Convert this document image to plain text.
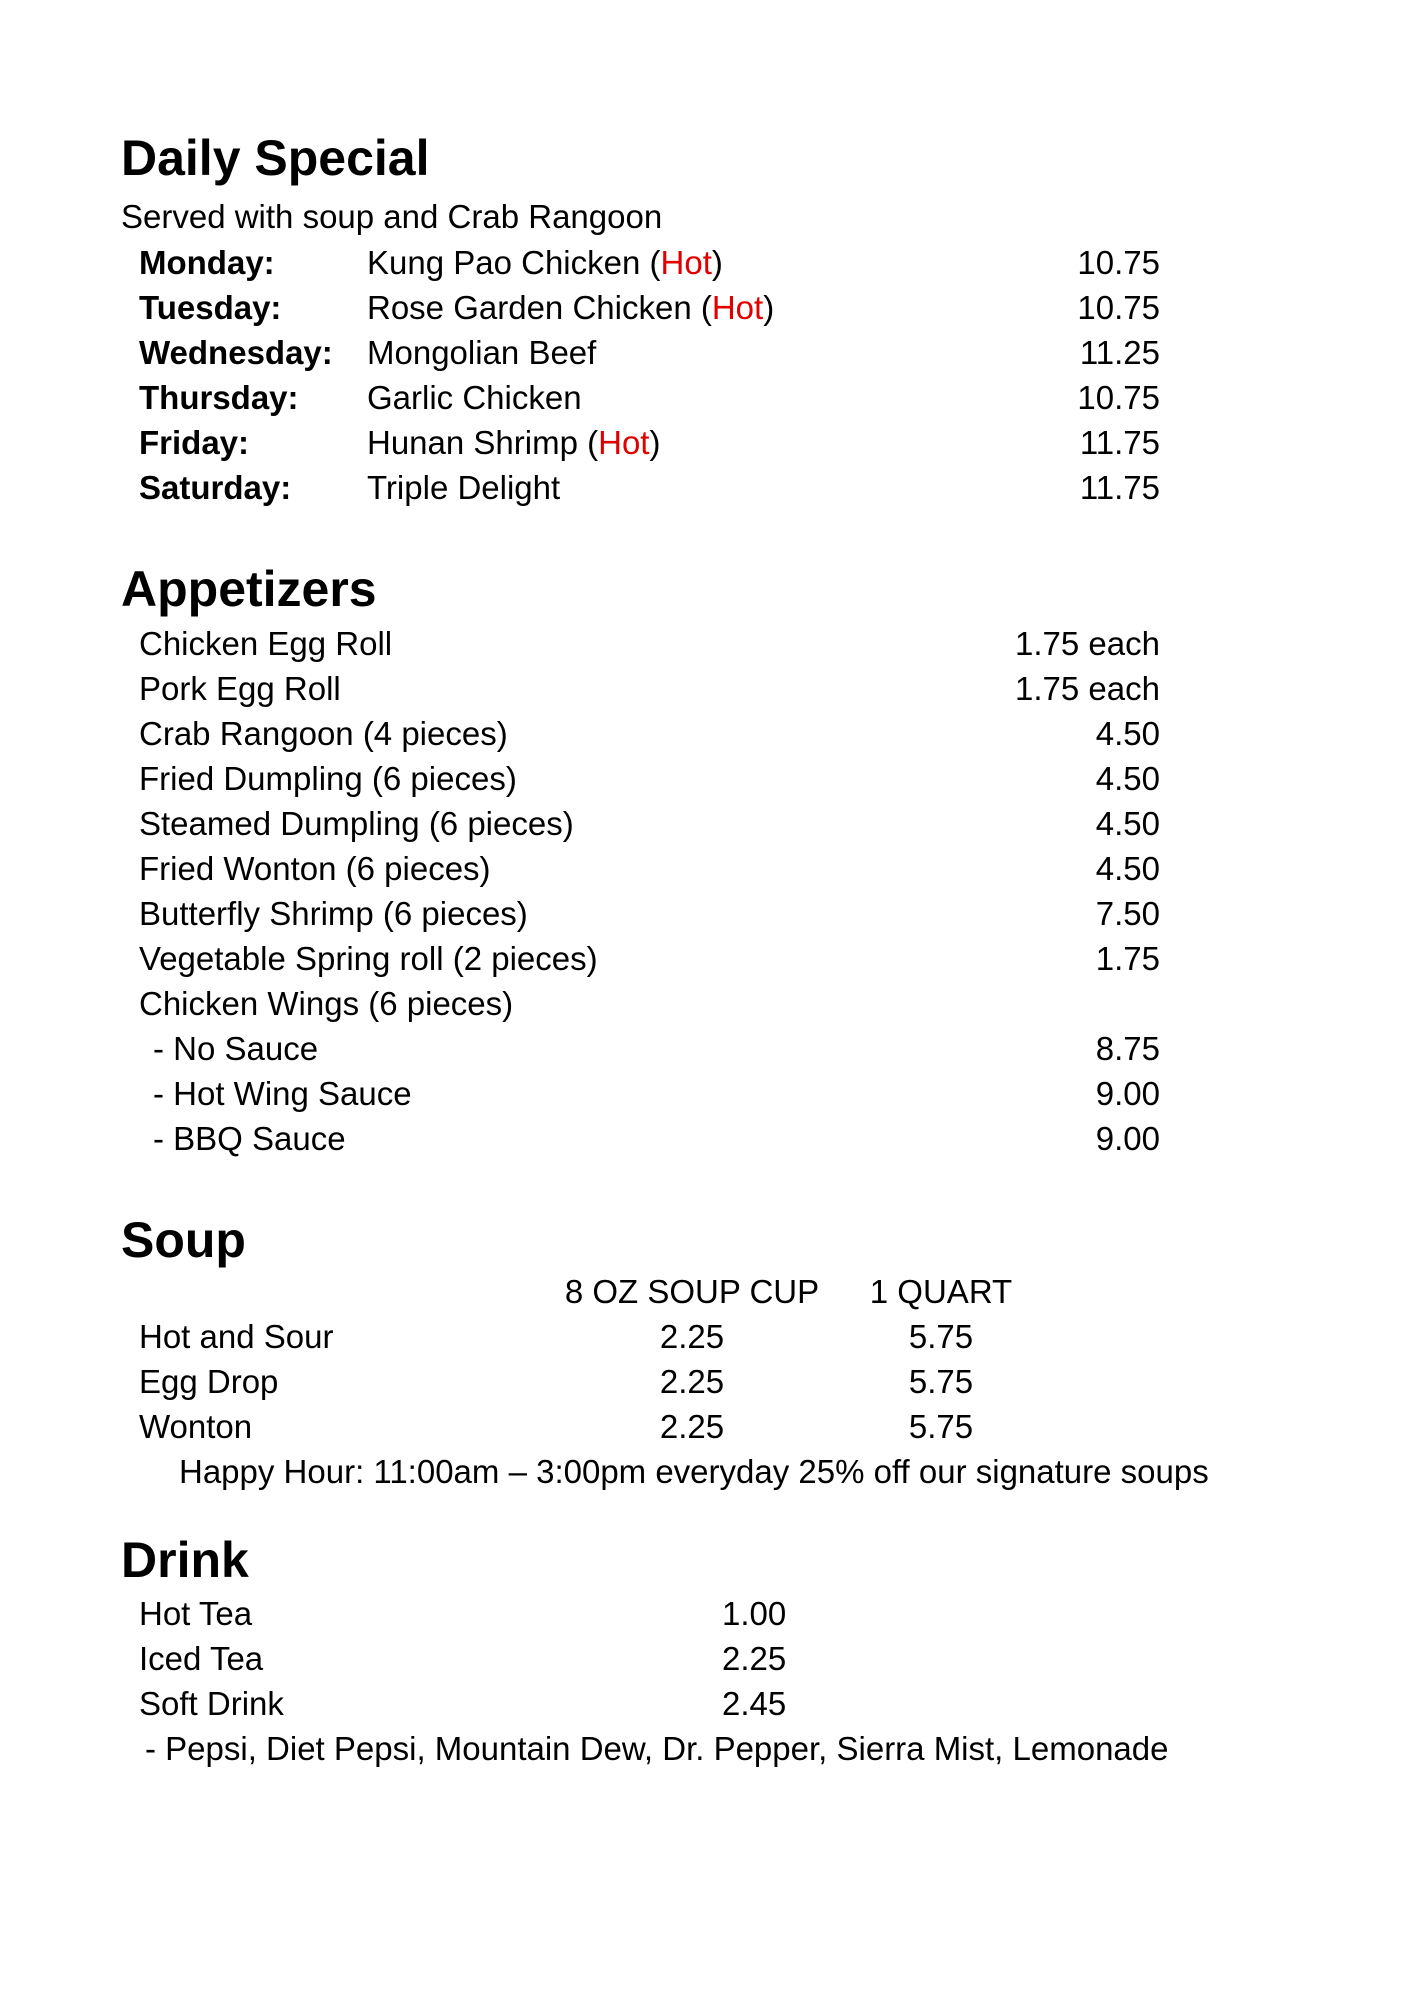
Daily Special
Served with soup and Crab Rangoon
Monday:	Kung Pao Chicken (Hot)	10.75
Tuesday:	Rose Garden Chicken (Hot)	10.75
Wednesday: Mongolian Beef	11.25
Thursday: Garlic Chicken	10.75
Friday:	Hunan Shrimp (Hot)	11.75
Saturday: Triple Delight	11.75
Appetizers
Chicken Egg Roll	1.75 each
Pork Egg Roll	1.75 each
Crab Rangoon (4 pieces)	4.50
Fried Dumpling (6 pieces)	4.50
Steamed Dumpling (6 pieces)	4.50
Fried Wonton (6 pieces)	4.50
Butterfly Shrimp (6 pieces)	7.50
Vegetable Spring roll (2 pieces)	1.75
Chicken Wings (6 pieces)
- No Sauce	8.75
- Hot Wing Sauce	9.00
- BBQ Sauce	9.00
Soup
8 OZ SOUP CUP 1 QUART
Hot and Sour	2.25	5.75
Egg Drop	2.25	5.75
Wonton	2.25	5.75
Happy Hour: 11:00am – 3:00pm everyday 25% off our signature soups
Drink
Hot Tea	1.00
Iced Tea	2.25
Soft Drink	2.45
- Pepsi, Diet Pepsi, Mountain Dew, Dr. Pepper, Sierra Mist, Lemonade
